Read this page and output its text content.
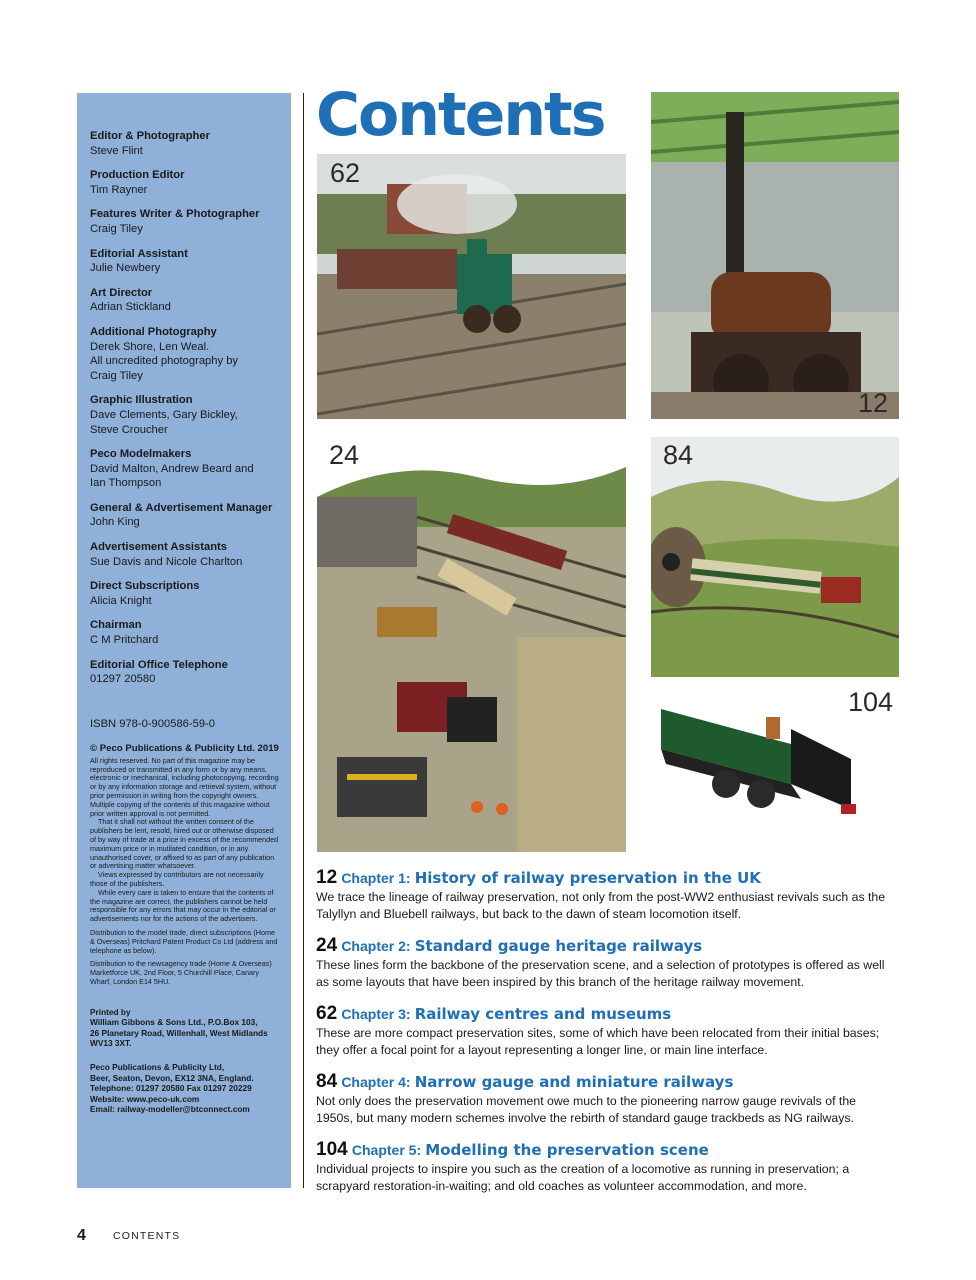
Editor & Photographer
Steve Flint
Production Editor
Tim Rayner
Features Writer & Photographer
Craig Tiley
Editorial Assistant
Julie Newbery
Art Director
Adrian Stickland
Additional Photography
Derek Shore, Len Weal.
All uncredited photography by
Craig Tiley
Graphic Illustration
Dave Clements, Gary Bickley,
Steve Croucher
Peco Modelmakers
David Malton, Andrew Beard and
Ian Thompson
General & Advertisement Manager
John King
Advertisement Assistants
Sue Davis and Nicole Charlton
Direct Subscriptions
Alicia Knight
Chairman
C M Pritchard
Editorial Office Telephone
01297 20580
ISBN 978-0-900586-59-0
© Peco Publications & Publicity Ltd. 2019

All rights reserved. No part of this magazine may be reproduced or transmitted in any form or by any means, electronic or mechanical, including photocopying, recording or by any information storage and retrieval system, without prior permission in writing from the copyright owners. Multiple copying of the contents of this magazine without prior written approval is not permitted.

That it shall not without the written consent of the publishers be lent, resold, hired out or otherwise disposed of by way of trade at a price in excess of the recommended maximum price or in mutilated condition, or in any unauthorised cover, or affixed to as part of any publication or advertising matter whatsoever.

Views expressed by contributors are not necessarily those of the publishers.

While every care is taken to ensure that the contents of the magazine are correct, the publishers cannot be held responsible for any errors that may occur in the editorial or advertisements nor for the actions of the advertisers.

Distribution to the model trade, direct subscriptions (Home & Overseas) Pritchard Patent Product Co Ltd (address and telephone as below).
Distribution to the newsagency trade (Home & Overseas) Marketforce UK, 2nd Floor, 5 Churchill Place, Canary Wharf, London E14 5HU.
Printed by
William Gibbons & Sons Ltd., P.O.Box 103,
26 Planetary Road, Willenhall, West Midlands
WV13 3XT.
Peco Publications & Publicity Ltd,
Beer, Seaton, Devon, EX12 3NA, England.
Telephone: 01297 20580 Fax 01297 20229
Website: www.peco-uk.com
Email: railway-modeller@btconnect.com
Contents
62
12
24	84
104
12 Chapter 1: History of railway preservation in the UK
We trace the lineage of railway preservation, not only from the post-WW2 enthusiast revivals such as the Talyllyn and Bluebell railways, but back to the dawn of steam locomotion itself.
24 Chapter 2: Standard gauge heritage railways
These lines form the backbone of the preservation scene, and a selection of prototypes is offered as well as some layouts that have been inspired by this branch of the heritage railway movement.
62 Chapter 3: Railway centres and museums
These are more compact preservation sites, some of which have been relocated from their initial bases; they offer a focal point for a layout representing a longer line, or main line interface.
84 Chapter 4: Narrow gauge and miniature railways
Not only does the preservation movement owe much to the pioneering narrow gauge revivals of the 1950s, but many modern schemes involve the rebirth of standard gauge trackbeds as NG railways.
104 Chapter 5: Modelling the preservation scene
Individual projects to inspire you such as the creation of a locomotive as running in preservation; a scrapyard restoration-in-waiting; and old coaches as volunteer accommodation, and more.
4	CONTENTS
